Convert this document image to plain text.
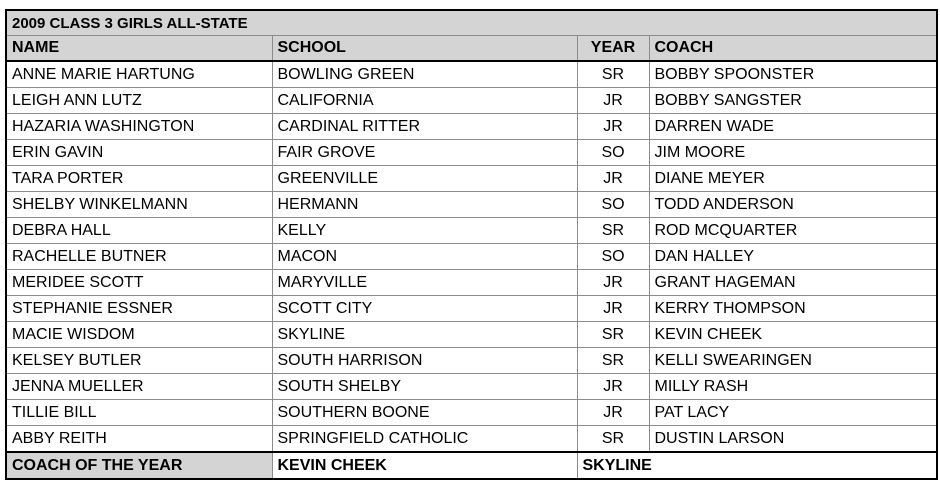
2009 CLASS 3 GIRLS ALL-STATE			
NAME	SCHOOL	YEAR	COACH
ANNE MARIE HARTUNG	BOWLING GREEN	SR	BOBBY SPOONSTER
LEIGH ANN LUTZ	CALIFORNIA	JR	BOBBY SANGSTER
HAZARIA WASHINGTON	CARDINAL RITTER	JR	DARREN WADE
ERIN GAVIN	FAIR GROVE	SO	JIM MOORE
TARA PORTER	GREENVILLE	JR	DIANE MEYER
SHELBY WINKELMANN	HERMANN	SO	TODD ANDERSON
DEBRA HALL	KELLY	SR	ROD MCQUARTER
RACHELLE BUTNER	MACON	SO	DAN HALLEY
MERIDEE SCOTT	MARYVILLE	JR	GRANT HAGEMAN
STEPHANIE ESSNER	SCOTT CITY	JR	KERRY THOMPSON
MACIE WISDOM	SKYLINE	SR	KEVIN CHEEK
KELSEY BUTLER	SOUTH HARRISON	SR	KELLI SWEARINGEN
JENNA MUELLER	SOUTH SHELBY	JR	MILLY RASH
TILLIE BILL	SOUTHERN BOONE	JR	PAT LACY
ABBY REITH	SPRINGFIELD CATHOLIC	SR	DUSTIN LARSON
COACH OF THE YEAR	KEVIN CHEEK	SKYLINE	
